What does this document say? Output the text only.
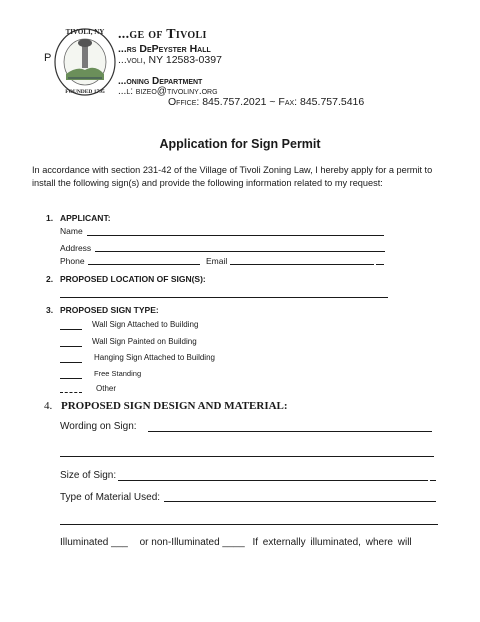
TIVOLI, NY
FOUNDED 1795
...ge of Tivoli
...rs DePeyster Hall
P	...voli, NY 12583-0397
...oning Department
...l: bizeo@tivoliny.org
Office: 845.757.2021 ~ Fax: 845.757.5416
Application for Sign Permit
In accordance with section 231-42 of the Village of Tivoli Zoning Law, I hereby apply for a permit to install the following sign(s) and provide the following information related to my request:
1. APPLICANT:
Name
Address
Phone	Email
2. PROPOSED LOCATION OF SIGN(S):
3. PROPOSED SIGN TYPE:
Wall Sign Attached to Building
Wall Sign Painted on Building
Hanging Sign Attached to Building
Free Standing
Other
4. PROPOSED SIGN DESIGN AND MATERIAL:
Wording on Sign:
Size of Sign:
Type of Material Used:
Illuminated ___ or non-Illuminated ____ If externally illuminated, where will
